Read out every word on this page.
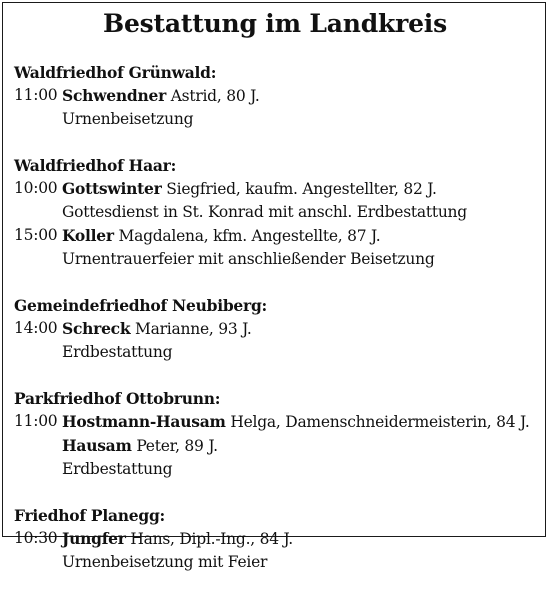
Bestattung im Landkreis
Waldfriedhof Grünwald:
11:00 Schwendner Astrid, 80 J.
Urnenbeisetzung
Waldfriedhof Haar:
10:00 Gottswinter Siegfried, kaufm. Angestellter, 82 J.
Gottesdienst in St. Konrad mit anschl. Erdbestattung
15:00 Koller Magdalena, kfm. Angestellte, 87 J.
Urnentrauerfeier mit anschließender Beisetzung
Gemeindefriedhof Neubiberg:
14:00 Schreck Marianne, 93 J.
Erdbestattung
Parkfriedhof Ottobrunn:
11:00 Hostmann-Hausam Helga, Damenschneidermeisterin, 84 J.
Hausam Peter, 89 J.
Erdbestattung
Friedhof Planegg:
10:30 Jungfer Hans, Dipl.-Ing., 84 J.
Urnenbeisetzung mit Feier
